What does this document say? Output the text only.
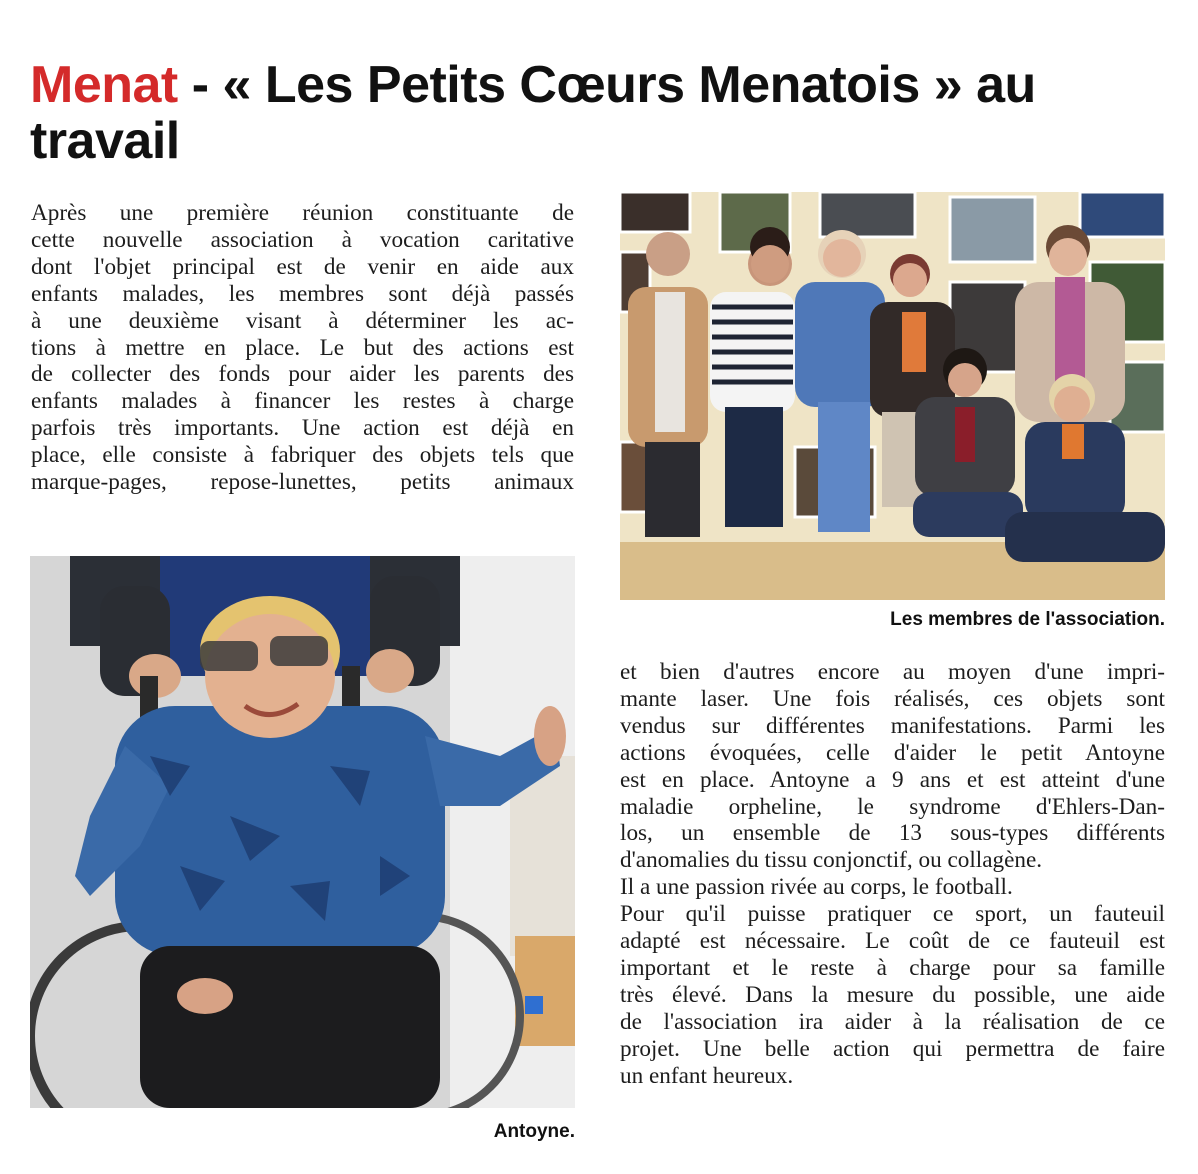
Menat - « Les Petits Cœurs Menatois » au travail
Après une première réunion constituante de
cette nouvelle association à vocation caritative
dont l'objet principal est de venir en aide aux
enfants malades, les membres sont déjà passés
à une deuxième visant à déterminer les ac-
tions à mettre en place. Le but des actions est
de collecter des fonds pour aider les parents des
enfants malades à financer les restes à charge
parfois très importants. Une action est déjà en
place, elle consiste à fabriquer des objets tels que
marque-pages, repose-lunettes, petits animaux
Les membres de l'association.
et bien d'autres encore au moyen d'une impri-
mante laser. Une fois réalisés, ces objets sont
vendus sur différentes manifestations. Parmi les
actions évoquées, celle d'aider le petit Antoyne
est en place. Antoyne a 9 ans et est atteint d'une
maladie orpheline, le syndrome d'Ehlers-Dan-
los, un ensemble de 13 sous-types différents
d'anomalies du tissu conjonctif, ou collagène.
Il a une passion rivée au corps, le football.
Pour qu'il puisse pratiquer ce sport, un fauteuil
adapté est nécessaire. Le coût de ce fauteuil est
important et le reste à charge pour sa famille
très élevé. Dans la mesure du possible, une aide
de l'association ira aider à la réalisation de ce
projet. Une belle action qui permettra de faire
un enfant heureux.
Antoyne.
